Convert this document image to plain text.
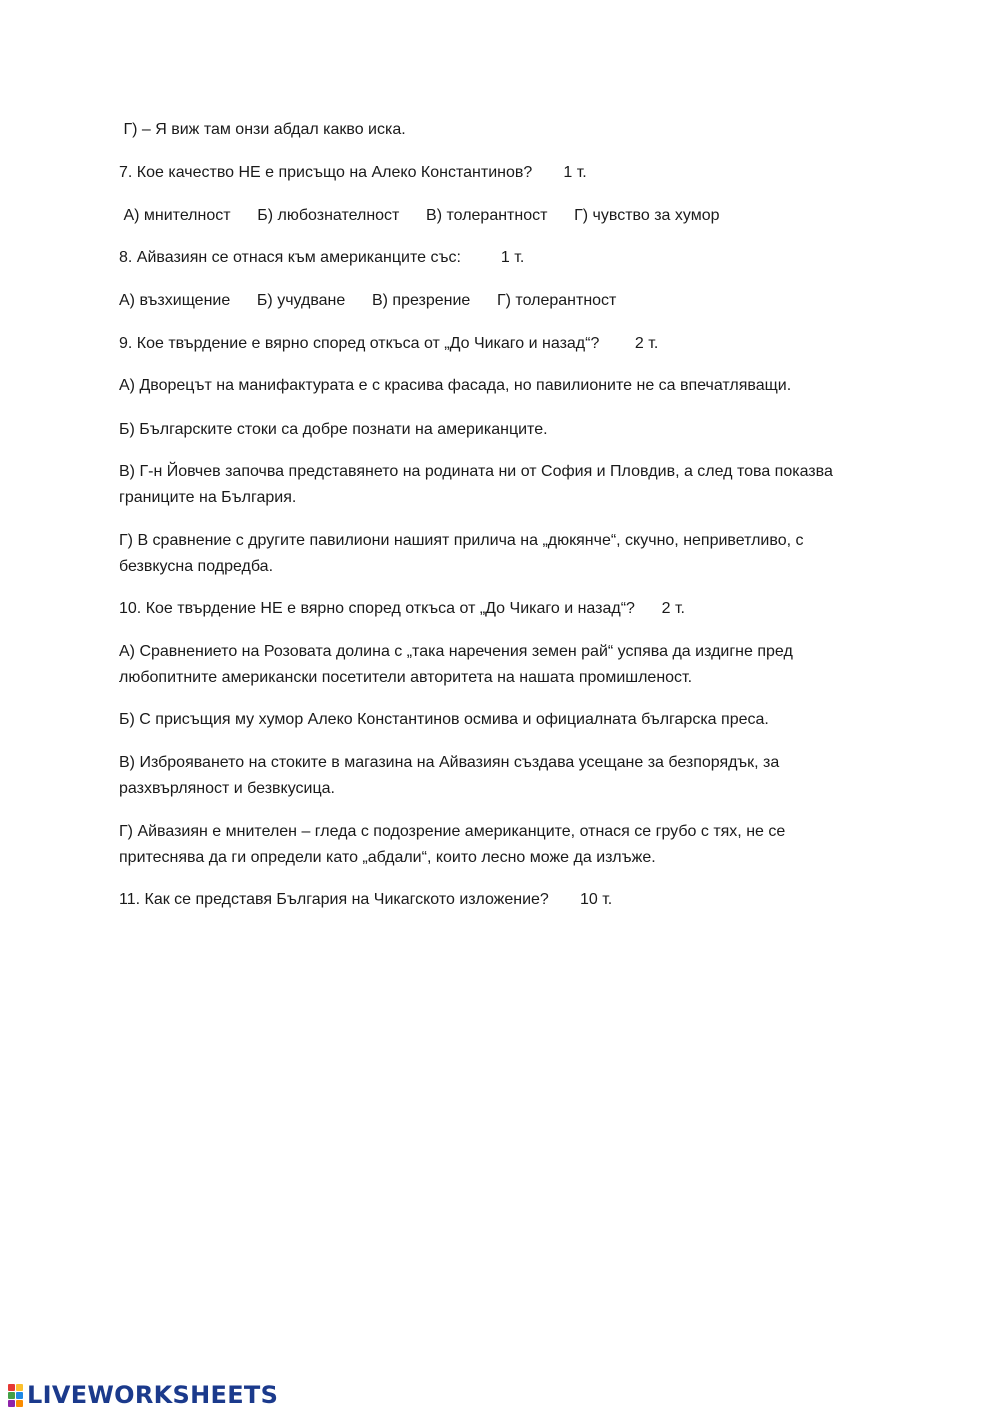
Г) – Я виж там онзи абдал какво иска.

7. Кое качество НЕ е присъщо на Алеко Константинов?       1 т.

А) мнителност      Б) любознателност      В) толерантност      Г) чувство за хумор

8. Айвазиян се отнася към американците със:         1 т.

А) възхищение      Б) учудване      В) презрение      Г) толерантност

9. Кое твърдение е вярно според откъса от „До Чикаго и назад“?        2 т.

А) Дворецът на манифактурата е с красива фасада, но павилионите не са впечатляващи.

Б) Българските стоки са добре познати на американците.

В) Г-н Йовчев започва представянето на родината ни от София и Пловдив, а след това показва границите на България.

Г) В сравнение с другите павилиони нашият прилича на „дюкянче“, скучно, неприветливо, с безвкусна подредба.

10. Кое твърдение НЕ е вярно според откъса от „До Чикаго и назад“?      2 т.

А) Сравнението на Розовата долина с „така наречения земен рай“ успява да издигне пред любопитните американски посетители авторитета на нашата промишленост.

Б) С присъщия му хумор Алеко Константинов осмива и официалната българска преса.

В) Изброяването на стоките в магазина на Айвазиян създава усещане за безпорядък, за разхвърляност и безвкусица.

Г) Айвазиян е мнителен – гледа с подозрение американците, отнася се грубо с тях, не се притеснява да ги определи като „абдали“, които лесно може да излъже.

11. Как се представя България на Чикагското изложение?       10 т.

LIVEWORKSHEETS
